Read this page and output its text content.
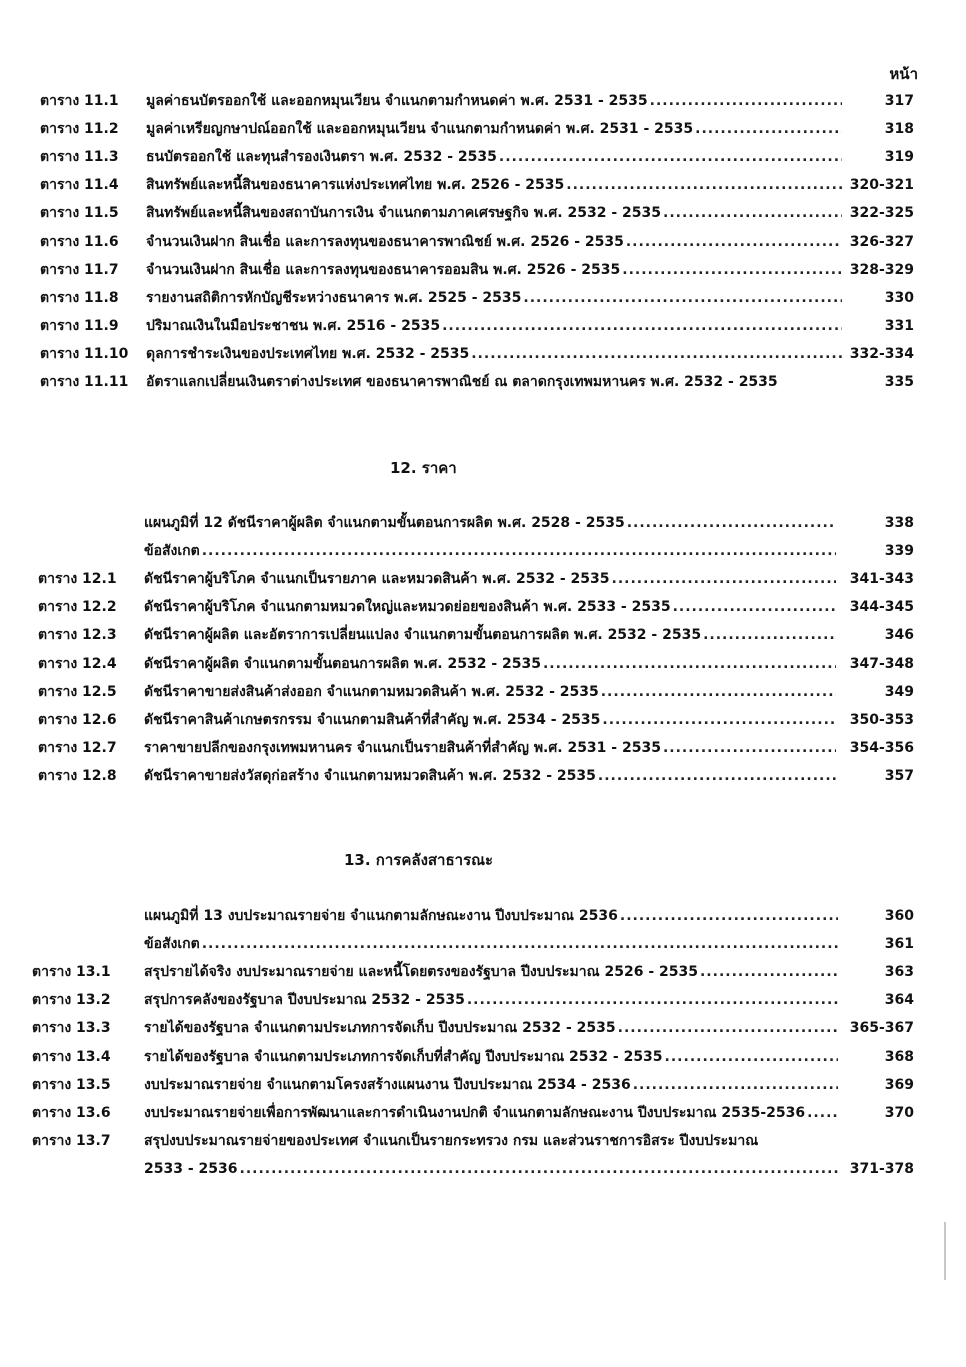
หน้า
ตาราง 11.1	มูลค่าธนบัตรออกใช้ และออกหมุนเวียน จำแนกตามกำหนดค่า พ.ศ. 2531 - 2535 .....	317
ตาราง 11.2	มูลค่าเหรียญกษาปณ์ออกใช้ และออกหมุนเวียน จำแนกตามกำหนดค่า พ.ศ. 2531 - 2535 .....	318
ตาราง 11.3	ธนบัตรออกใช้ และทุนสำรองเงินตรา พ.ศ. 2532 - 2535 .....	319
ตาราง 11.4	สินทรัพย์และหนี้สินของธนาคารแห่งประเทศไทย พ.ศ. 2526 - 2535 .....	320-321
ตาราง 11.5	สินทรัพย์และหนี้สินของสถาบันการเงิน จำแนกตามภาคเศรษฐกิจ พ.ศ. 2532 - 2535 .....	322-325
ตาราง 11.6	จำนวนเงินฝาก สินเชื่อ และการลงทุนของธนาคารพาณิชย์ พ.ศ. 2526 - 2535 .....	326-327
ตาราง 11.7	จำนวนเงินฝาก สินเชื่อ และการลงทุนของธนาคารออมสิน พ.ศ. 2526 - 2535 .....	328-329
ตาราง 11.8	รายงานสถิติการหักบัญชีระหว่างธนาคาร พ.ศ. 2525 - 2535 .....	330
ตาราง 11.9	ปริมาณเงินในมือประชาชน พ.ศ. 2516 - 2535 .....	331
ตาราง 11.10	ดุลการชำระเงินของประเทศไทย พ.ศ. 2532 - 2535 .....	332-334
ตาราง 11.11	อัตราแลกเปลี่ยนเงินตราต่างประเทศ ของธนาคารพาณิชย์ ณ ตลาดกรุงเทพมหานคร พ.ศ. 2532 - 2535	335
12. ราคา
แผนภูมิที่ 12 ดัชนีราคาผู้ผลิต จำแนกตามขั้นตอนการผลิต พ.ศ. 2528 - 2535 .....	338
ข้อสังเกต .....	339
ตาราง 12.1	ดัชนีราคาผู้บริโภค จำแนกเป็นรายภาค และหมวดสินค้า พ.ศ. 2532 - 2535 .....	341-343
ตาราง 12.2	ดัชนีราคาผู้บริโภค จำแนกตามหมวดใหญ่และหมวดย่อยของสินค้า พ.ศ. 2533 - 2535 .....	344-345
ตาราง 12.3	ดัชนีราคาผู้ผลิต และอัตราการเปลี่ยนแปลง จำแนกตามขั้นตอนการผลิต พ.ศ. 2532 - 2535 .....	346
ตาราง 12.4	ดัชนีราคาผู้ผลิต จำแนกตามขั้นตอนการผลิต พ.ศ. 2532 - 2535 .....	347-348
ตาราง 12.5	ดัชนีราคาขายส่งสินค้าส่งออก จำแนกตามหมวดสินค้า พ.ศ. 2532 - 2535 .....	349
ตาราง 12.6	ดัชนีราคาสินค้าเกษตรกรรม จำแนกตามสินค้าที่สำคัญ พ.ศ. 2534 - 2535 .....	350-353
ตาราง 12.7	ราคาขายปลีกของกรุงเทพมหานคร จำแนกเป็นรายสินค้าที่สำคัญ พ.ศ. 2531 - 2535 .....	354-356
ตาราง 12.8	ดัชนีราคาขายส่งวัสดุก่อสร้าง จำแนกตามหมวดสินค้า พ.ศ. 2532 - 2535 .....	357
13. การคลังสาธารณะ
แผนภูมิที่ 13 งบประมาณรายจ่าย จำแนกตามลักษณะงาน ปีงบประมาณ 2536 .....	360
ข้อสังเกต .....	361
ตาราง 13.1	สรุปรายได้จริง งบประมาณรายจ่าย และหนี้โดยตรงของรัฐบาล ปีงบประมาณ 2526 - 2535 .....	363
ตาราง 13.2	สรุปการคลังของรัฐบาล ปีงบประมาณ 2532 - 2535 .....	364
ตาราง 13.3	รายได้ของรัฐบาล จำแนกตามประเภทการจัดเก็บ ปีงบประมาณ 2532 - 2535 .....	365-367
ตาราง 13.4	รายได้ของรัฐบาล จำแนกตามประเภทการจัดเก็บที่สำคัญ ปีงบประมาณ 2532 - 2535 .....	368
ตาราง 13.5	งบประมาณรายจ่าย จำแนกตามโครงสร้างแผนงาน ปีงบประมาณ 2534 - 2536 .....	369
ตาราง 13.6	งบประมาณรายจ่ายเพื่อการพัฒนาและการดำเนินงานปกติ จำแนกตามลักษณะงาน ปีงบประมาณ 2535-2536 .....	370
ตาราง 13.7	สรุปงบประมาณรายจ่ายของประเทศ จำแนกเป็นรายกระทรวง กรม และส่วนราชการอิสระ ปีงบประมาณ
2533 - 2536 .....	371-378
